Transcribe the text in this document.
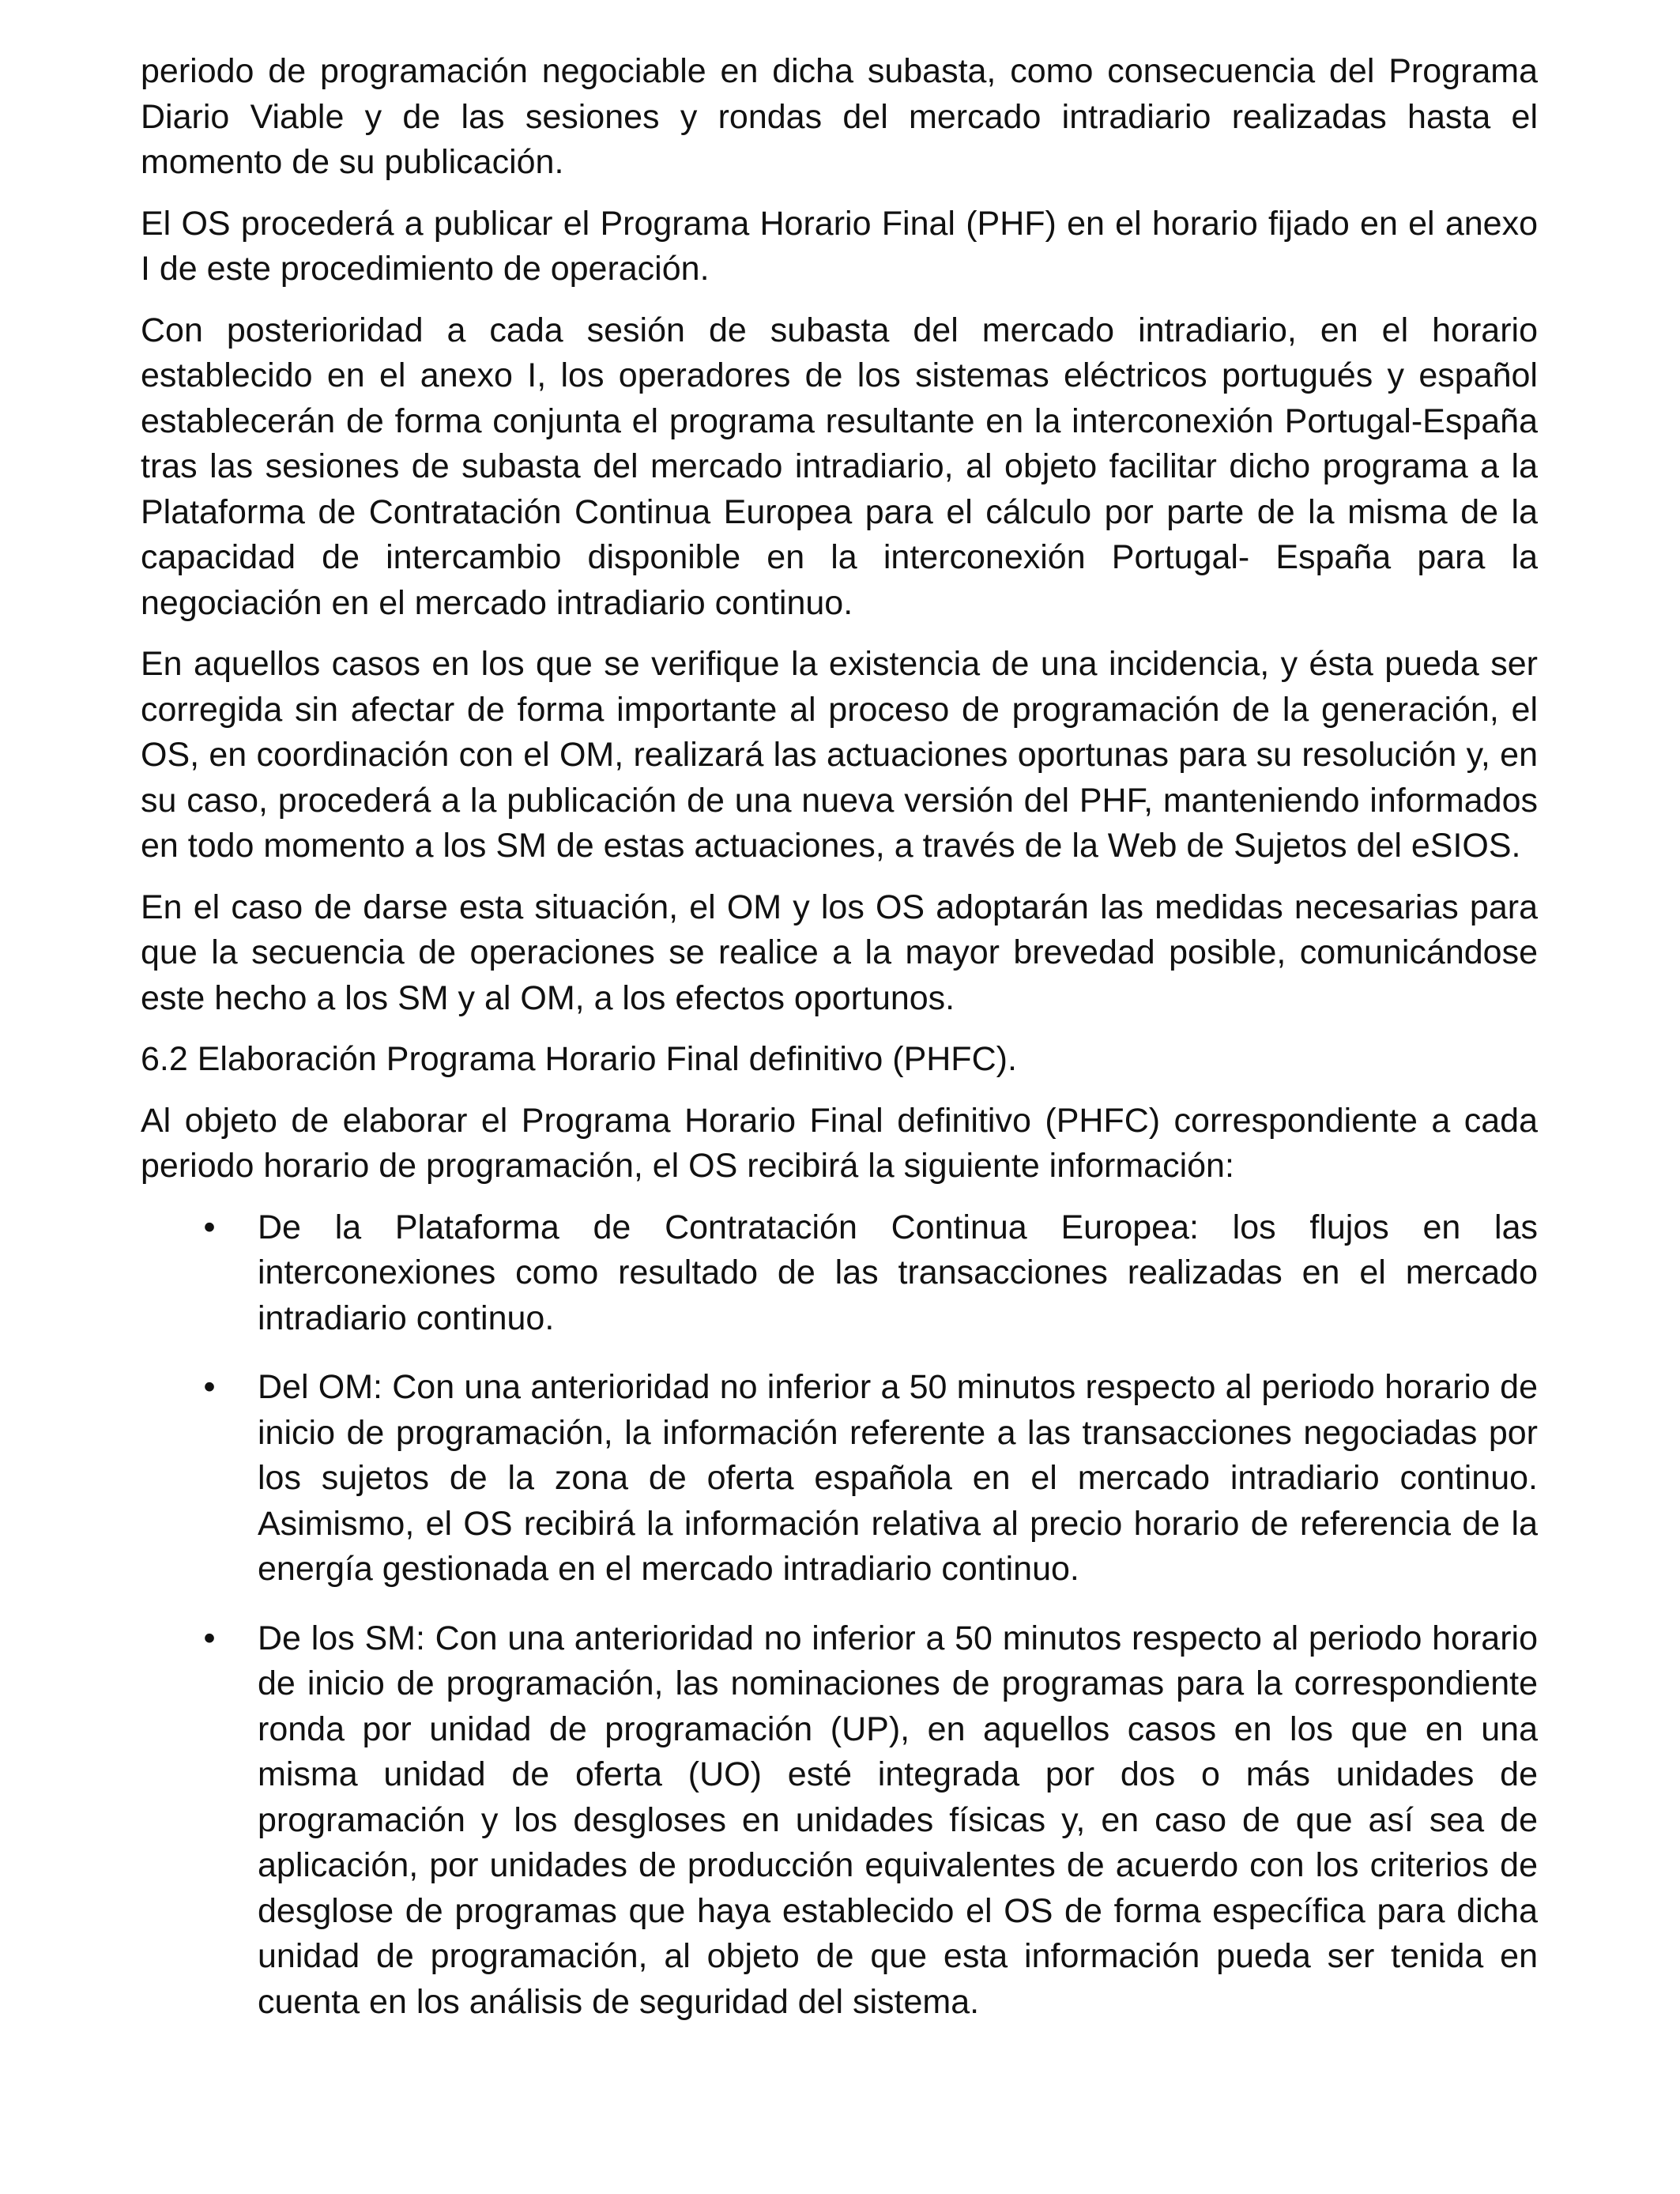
periodo de programación negociable en dicha subasta, como consecuencia del Programa Diario Viable y de las sesiones y rondas del mercado intradiario realizadas hasta el momento de su publicación.

El OS procederá a publicar el Programa Horario Final (PHF) en el horario fijado en el anexo I de este procedimiento de operación.

Con posterioridad a cada sesión de subasta del mercado intradiario, en el horario establecido en el anexo I, los operadores de los sistemas eléctricos portugués y español establecerán de forma conjunta el programa resultante en la interconexión Portugal-España tras las sesiones de subasta del mercado intradiario, al objeto facilitar dicho programa a la Plataforma de Contratación Continua Europea para el cálculo por parte de la misma de la capacidad de intercambio disponible en la interconexión Portugal- España para la negociación en el mercado intradiario continuo.

En aquellos casos en los que se verifique la existencia de una incidencia, y ésta pueda ser corregida sin afectar de forma importante al proceso de programación de la generación, el OS, en coordinación con el OM, realizará las actuaciones oportunas para su resolución y, en su caso, procederá a la publicación de una nueva versión del PHF, manteniendo informados en todo momento a los SM de estas actuaciones, a través de la Web de Sujetos del eSIOS.

En el caso de darse esta situación, el OM y los OS adoptarán las medidas necesarias para que la secuencia de operaciones se realice a la mayor brevedad posible, comunicándose este hecho a los SM y al OM, a los efectos oportunos.

6.2 Elaboración Programa Horario Final definitivo (PHFC).

Al objeto de elaborar el Programa Horario Final definitivo (PHFC) correspondiente a cada periodo horario de programación, el OS recibirá la siguiente información:

• De la Plataforma de Contratación Continua Europea: los flujos en las interconexiones como resultado de las transacciones realizadas en el mercado intradiario continuo.
• Del OM: Con una anterioridad no inferior a 50 minutos respecto al periodo horario de inicio de programación, la información referente a las transacciones negociadas por los sujetos de la zona de oferta española en el mercado intradiario continuo. Asimismo, el OS recibirá la información relativa al precio horario de referencia de la energía gestionada en el mercado intradiario continuo.
• De los SM: Con una anterioridad no inferior a 50 minutos respecto al periodo horario de inicio de programación, las nominaciones de programas para la correspondiente ronda por unidad de programación (UP), en aquellos casos en los que en una misma unidad de oferta (UO) esté integrada por dos o más unidades de programación y los desgloses en unidades físicas y, en caso de que así sea de aplicación, por unidades de producción equivalentes de acuerdo con los criterios de desglose de programas que haya establecido el OS de forma específica para dicha unidad de programación, al objeto de que esta información pueda ser tenida en cuenta en los análisis de seguridad del sistema.
